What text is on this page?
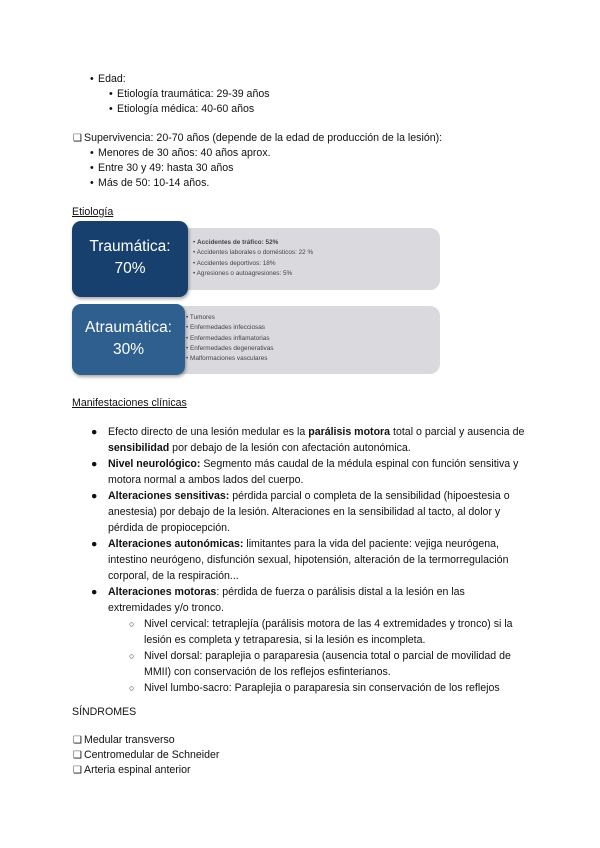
• Edad:
• Etiología traumática: 29-39 años
• Etiología médica: 40-60 años
❑ Supervivencia: 20-70 años (depende de la edad de producción de la lesión):
• Menores de 30 años: 40 años aprox.
• Entre 30 y 49: hasta 30 años
• Más de 50: 10-14 años.
Etiología
Traumática:
70%
• Accidentes de tráfico: 52%
• Accidentes laborales o domésticos: 22 %
• Accidentes deportivos: 18%
• Agresiones o autoagresiones: 5%
Atraumática:
30%
• Tumores
• Enfermedades infecciosas
• Enfermedades inflamatorias
• Enfermedades degenerativas
• Malformaciones vasculares
Manifestaciones clínicas
● Efecto directo de una lesión medular es la parálisis motora total o parcial y ausencia de sensibilidad por debajo de la lesión con afectación autonómica.
● Nivel neurológico: Segmento más caudal de la médula espinal con función sensitiva y motora normal a ambos lados del cuerpo.
● Alteraciones sensitivas: pérdida parcial o completa de la sensibilidad (hipoestesia o anestesia) por debajo de la lesión. Alteraciones en la sensibilidad al tacto, al dolor y pérdida de propiocepción.
● Alteraciones autonómicas: limitantes para la vida del paciente: vejiga neurógena, intestino neurógeno, disfunción sexual, hipotensión, alteración de la termorregulación corporal, de la respiración...
● Alteraciones motoras: pérdida de fuerza o parálisis distal a la lesión en las extremidades y/o tronco.
○ Nivel cervical: tetraplejía (parálisis motora de las 4 extremidades y tronco) si la lesión es completa y tetraparesia, si la lesión es incompleta.
○ Nivel dorsal: paraplejia o paraparesia (ausencia total o parcial de movilidad de MMII) con conservación de los reflejos esfinterianos.
○ Nivel lumbo-sacro: Paraplejia o paraparesia sin conservación de los reflejos
SÍNDROMES
❑ Medular transverso
❑ Centromedular de Schneider
❑ Arteria espinal anterior
